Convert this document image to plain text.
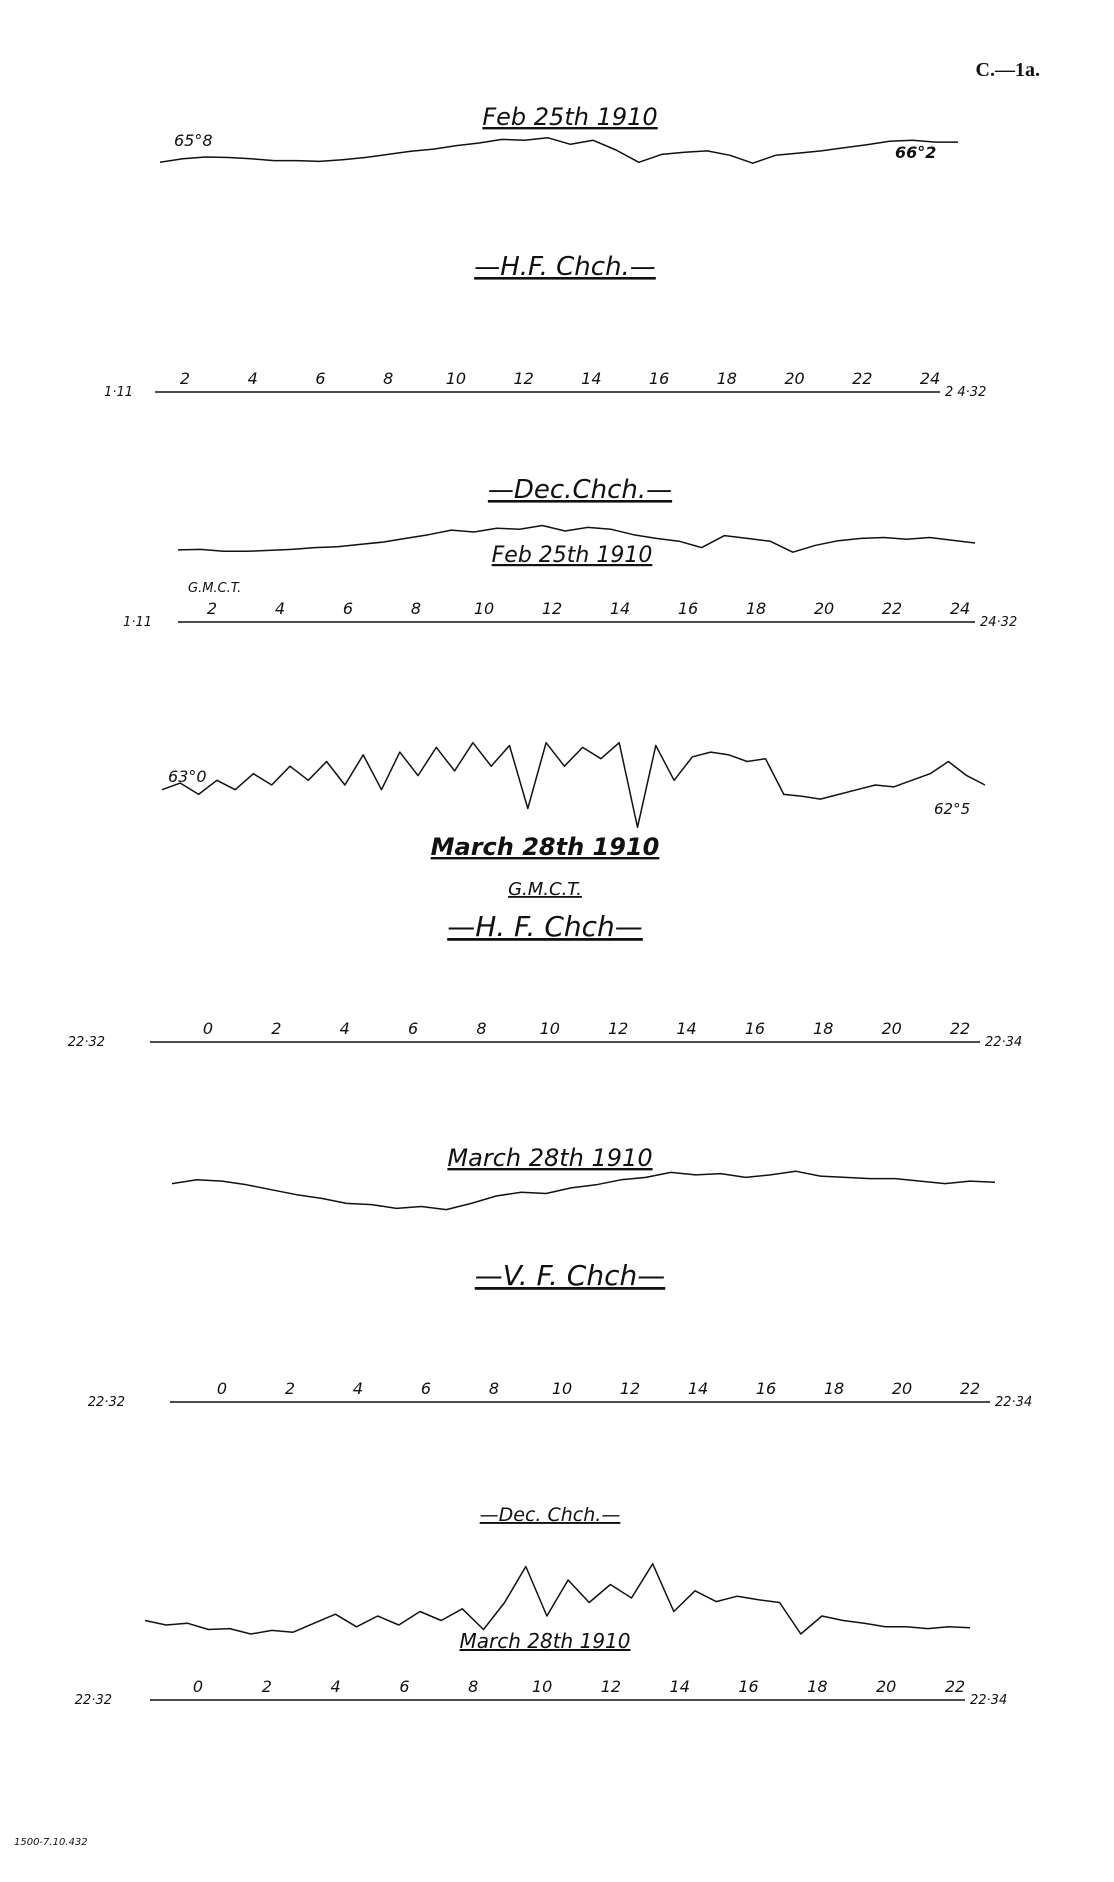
C.—1a.
Feb 25th 1910
65°8
66°2
—H.F. Chch.—
1·11	2 4·32
2	4	6	8	10	12	14	16	18	20	22	24
—Dec.Chch.—
Feb 25th 1910
G.M.C.T.
1·11	24·32
2	4	6	8	10	12	14	16	18	20	22	24
63°0
62°5
March 28th 1910
G.M.C.T.
—H. F. Chch—
22·32	22·34
0	2	4	6	8	10	12	14	16	18	20	22
March 28th 1910
—V. F. Chch—
22·32	22·34
0	2	4	6	8	10	12	14	16	18	20	22
—Dec. Chch.—
March 28th 1910
22·32	22·34
0	2	4	6	8	10	12	14	16	18	20	22
1500-7.10.432
